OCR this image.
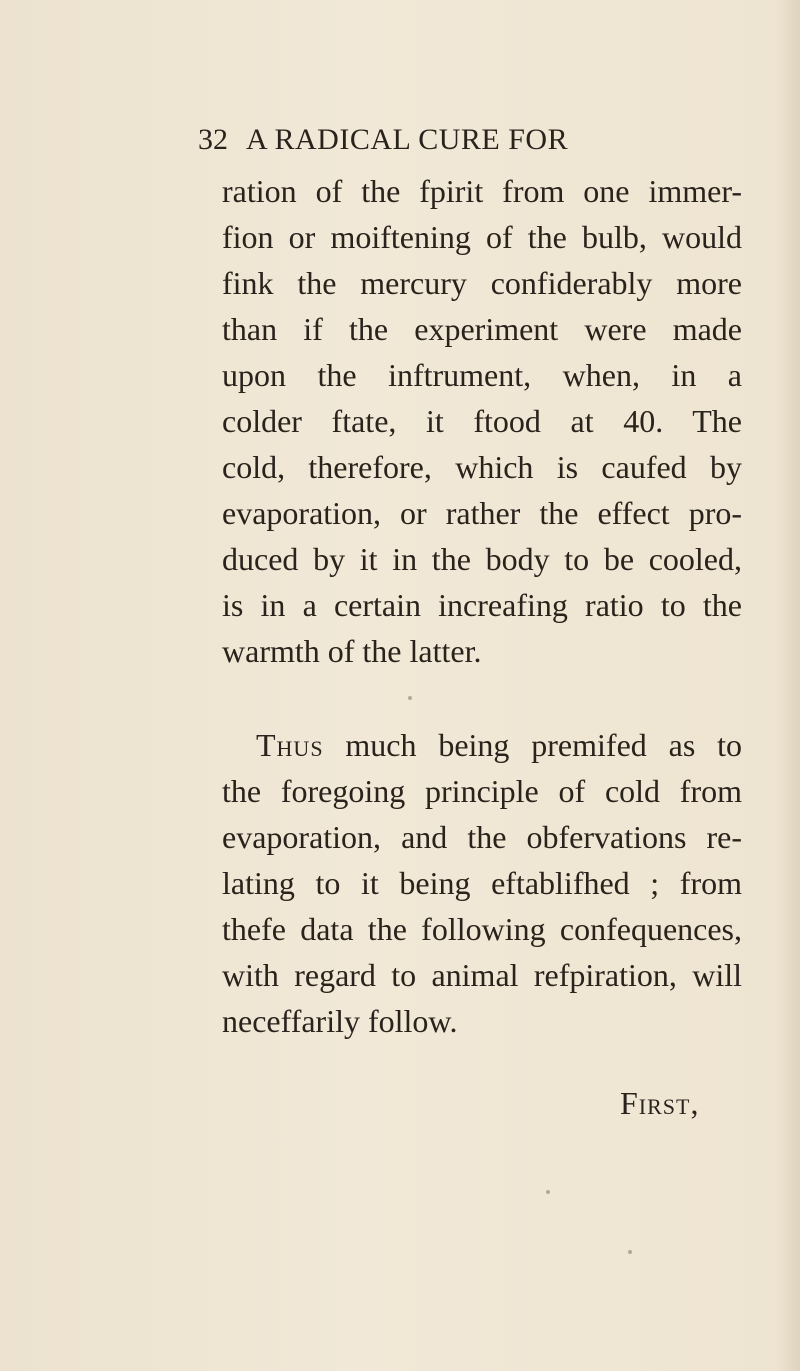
32 A RADICAL CURE FOR
ration of the fpirit from one immer-
fion or moiftening of the bulb, would
fink the mercury confiderably more
than if the experiment were made
upon the inftrument, when, in a
colder ftate, it ftood at 40. The
cold, therefore, which is caufed by
evaporation, or rather the effect pro-
duced by it in the body to be cooled,
is in a certain increafing ratio to the
warmth of the latter.
Thus much being premifed as to
the foregoing principle of cold from
evaporation, and the obfervations re-
lating to it being eftablifhed ; from
thefe data the following confequences,
with regard to animal refpiration, will
neceffarily follow.
First,
